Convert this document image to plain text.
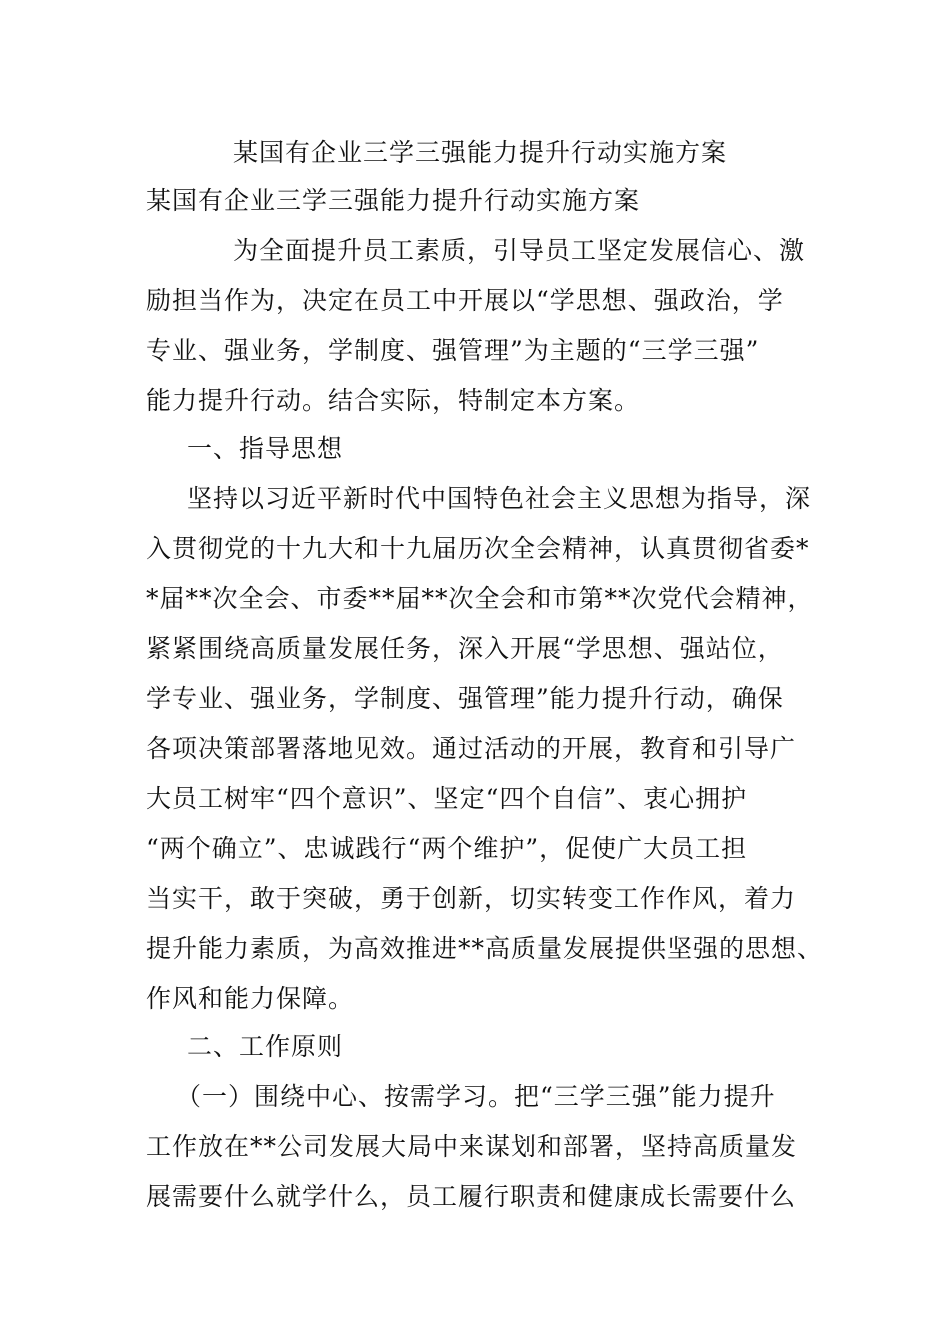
某国有企业三学三强能力提升行动实施方案
某国有企业三学三强能力提升行动实施方案
为全面提升员工素质，引导员工坚定发展信心、激
励担当作为，决定在员工中开展以“学思想、强政治，学
专业、强业务，学制度、强管理”为主题的“三学三强”
能力提升行动。结合实际，特制定本方案。
一、指导思想
坚持以习近平新时代中国特色社会主义思想为指导，深
入贯彻党的十九大和十九届历次全会精神，认真贯彻省委*
*届**次全会、市委**届**次全会和市第**次党代会精神，
紧紧围绕高质量发展任务，深入开展“学思想、强站位，
学专业、强业务，学制度、强管理”能力提升行动，确保
各项决策部署落地见效。通过活动的开展，教育和引导广
大员工树牢“四个意识”、坚定“四个自信”、衷心拥护
“两个确立”、忠诚践行“两个维护”，促使广大员工担
当实干，敢于突破，勇于创新，切实转变工作作风，着力
提升能力素质，为高效推进**高质量发展提供坚强的思想、
作风和能力保障。
二、工作原则
（一）围绕中心、按需学习。把“三学三强”能力提升
工作放在**公司发展大局中来谋划和部署，坚持高质量发
展需要什么就学什么，员工履行职责和健康成长需要什么
